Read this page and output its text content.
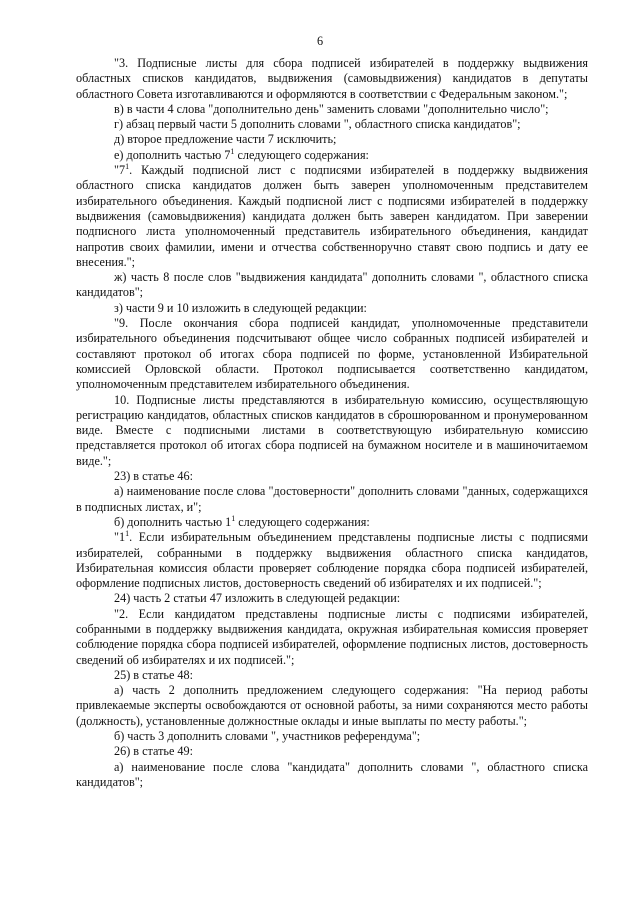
6

"3. Подписные листы для сбора подписей избирателей в поддержку выдвижения областных списков кандидатов, выдвижения (самовыдвижения) кандидатов в депутаты областного Совета изготавливаются и оформляются в соответствии с Федеральным законом.";

в) в части 4 слова "дополнительно день" заменить словами "дополнительно число";

г) абзац первый части 5 дополнить словами ", областного списка кандидатов";

д) второе предложение части 7 исключить;

е) дополнить частью $7^1$ следующего содержания:

"$7^1$. Каждый подписной лист с подписями избирателей в поддержку выдвижения областного списка кандидатов должен быть заверен уполномоченным представителем избирательного объединения. Каждый подписной лист с подписями избирателей в поддержку выдвижения (самовыдвижения) кандидата должен быть заверен кандидатом. При заверении подписного листа уполномоченный представитель избирательного объединения, кандидат напротив своих фамилии, имени и отчества собственноручно ставят свою подпись и дату ее внесения.";

ж) часть 8 после слов "выдвижения кандидата" дополнить словами ", областного списка кандидатов";

з) части 9 и 10 изложить в следующей редакции:

"9. После окончания сбора подписей кандидат, уполномоченные представители избирательного объединения подсчитывают общее число собранных подписей избирателей и составляют протокол об итогах сбора подписей по форме, установленной Избирательной комиссией Орловской области. Протокол подписывается соответственно кандидатом, уполномоченным представителем избирательного объединения.

10. Подписные листы представляются в избирательную комиссию, осуществляющую регистрацию кандидатов, областных списков кандидатов в сброшюрованном и пронумерованном виде. Вместе с подписными листами в соответствующую избирательную комиссию представляется протокол об итогах сбора подписей на бумажном носителе и в машиночитаемом виде.";

23) в статье 46:

а) наименование после слова "достоверности" дополнить словами "данных, содержащихся в подписных листах, и";

б) дополнить частью $1^1$ следующего содержания:

"$1^1$. Если избирательным объединением представлены подписные листы с подписями избирателей, собранными в поддержку выдвижения областного списка кандидатов, Избирательная комиссия области проверяет соблюдение порядка сбора подписей избирателей, оформление подписных листов, достоверность сведений об избирателях и их подписей.";

24) часть 2 статьи 47 изложить в следующей редакции:

"2. Если кандидатом представлены подписные листы с подписями избирателей, собранными в поддержку выдвижения кандидата, окружная избирательная комиссия проверяет соблюдение порядка сбора подписей избирателей, оформление подписных листов, достоверность сведений об избирателях и их подписей.";

25) в статье 48:

а) часть 2 дополнить предложением следующего содержания: "На период работы привлекаемые эксперты освобождаются от основной работы, за ними сохраняются место работы (должность), установленные должностные оклады и иные выплаты по месту работы.";

б) часть 3 дополнить словами ", участников референдума";

26) в статье 49:

а) наименование после слова "кандидата" дополнить словами ", областного списка кандидатов";
